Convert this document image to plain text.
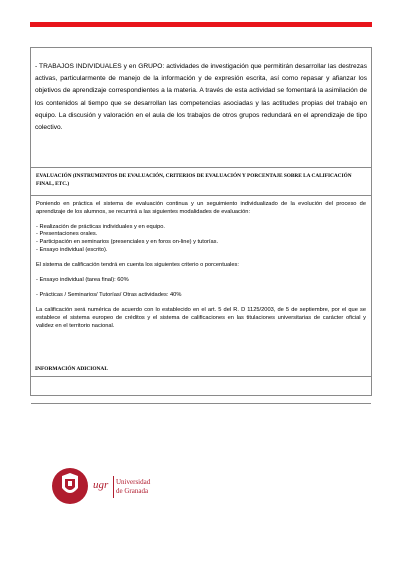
- TRABAJOS INDIVIDUALES y en GRUPO: actividades de investigación que permitirán desarrollar las destrezas activas, particularmente de manejo de la información y de expresión escrita, así como repasar y afianzar los objetivos de aprendizaje correspondientes a la materia. A través de esta actividad se fomentará la asimilación de los contenidos al tiempo que se desarrollan las competencias asociadas y las actitudes propias del trabajo en equipo. La discusión y valoración en el aula de los trabajos de otros grupos redundará en el aprendizaje de tipo colectivo.

EVALUACIÓN (INSTRUMENTOS DE EVALUACIÓN, CRITERIOS DE EVALUACIÓN Y PORCENTAJE SOBRE LA CALIFICACIÓN FINAL, ETC.)

Poniendo en práctica el sistema de evaluación continua y un seguimiento individualizado de la evolución del proceso de aprendizaje de los alumnos, se recurrirá a las siguientes modalidades de evaluación:

- Realización de prácticas individuales y en equipo.

- Presentaciones orales.

- Participación en seminarios (presenciales y en foros on-line) y tutorías.

- Ensayo individual (escrito).

El sistema de calificación tendrá en cuenta los siguientes criterio o porcentuales:

- Ensayo individual (tarea final): 60%

- Prácticas / Seminarios/ Tutorías/ Otras actividades: 40%

La calificación será numérica de acuerdo con lo establecido en el art. 5 del R. D 1125/2003, de 5 de septiembre, por el que se establece el sistema europeo de créditos y el sistema de calificaciones en las titulaciones universitarias de carácter oficial y validez en el territorio nacional.

INFORMACIÓN ADICIONAL
ugr Universidad
de Granada
